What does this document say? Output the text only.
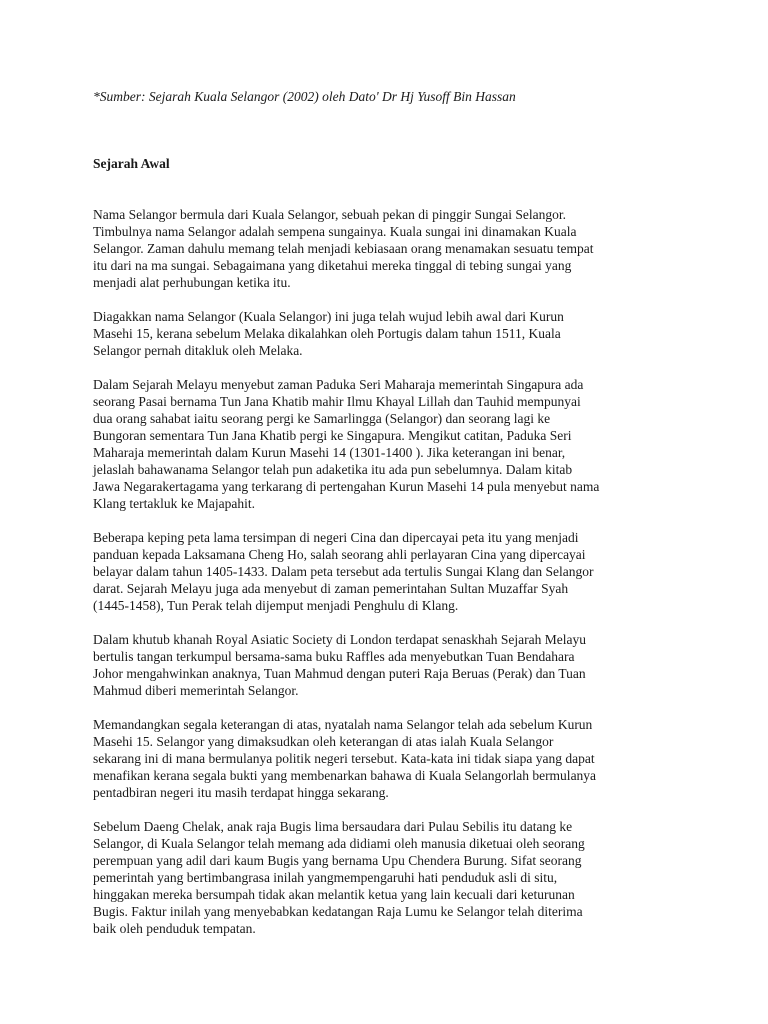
*Sumber: Sejarah Kuala Selangor (2002) oleh Dato' Dr Hj Yusoff Bin Hassan
Sejarah Awal

Nama Selangor bermula dari Kuala Selangor, sebuah pekan di pinggir Sungai Selangor.
Timbulnya nama Selangor adalah sempena sungainya. Kuala sungai ini dinamakan Kuala
Selangor. Zaman dahulu memang telah menjadi kebiasaan orang menamakan sesuatu tempat
itu dari na ma sungai. Sebagaimana yang diketahui mereka tinggal di tebing sungai yang
menjadi alat perhubungan ketika itu.

Diagakkan nama Selangor (Kuala Selangor) ini juga telah wujud lebih awal dari Kurun
Masehi 15, kerana sebelum Melaka dikalahkan oleh Portugis dalam tahun 1511, Kuala
Selangor pernah ditakluk oleh Melaka.

Dalam Sejarah Melayu menyebut zaman Paduka Seri Maharaja memerintah Singapura ada
seorang Pasai bernama Tun Jana Khatib mahir Ilmu Khayal Lillah dan Tauhid mempunyai
dua orang sahabat iaitu seorang pergi ke Samarlingga (Selangor) dan seorang lagi ke
Bungoran sementara Tun Jana Khatib pergi ke Singapura. Mengikut catitan, Paduka Seri
Maharaja memerintah dalam Kurun Masehi 14 (1301-1400 ). Jika keterangan ini benar,
jelaslah bahawanama Selangor telah pun adaketika itu ada pun sebelumnya. Dalam kitab
Jawa Negarakertagama yang terkarang di pertengahan Kurun Masehi 14 pula menyebut nama
Klang tertakluk ke Majapahit.

Beberapa keping peta lama tersimpan di negeri Cina dan dipercayai peta itu yang menjadi
panduan kepada Laksamana Cheng Ho, salah seorang ahli perlayaran Cina yang dipercayai
belayar dalam tahun 1405-1433. Dalam peta tersebut ada tertulis Sungai Klang dan Selangor
darat. Sejarah Melayu juga ada menyebut di zaman pemerintahan Sultan Muzaffar Syah
(1445-1458), Tun Perak telah dijemput menjadi Penghulu di Klang.

Dalam khutub khanah Royal Asiatic Society di London terdapat senaskhah Sejarah Melayu
bertulis tangan terkumpul bersama-sama buku Raffles ada menyebutkan Tuan Bendahara
Johor mengahwinkan anaknya, Tuan Mahmud dengan puteri Raja Beruas (Perak) dan Tuan
Mahmud diberi memerintah Selangor.

Memandangkan segala keterangan di atas, nyatalah nama Selangor telah ada sebelum Kurun
Masehi 15. Selangor yang dimaksudkan oleh keterangan di atas ialah Kuala Selangor
sekarang ini di mana bermulanya politik negeri tersebut. Kata-kata ini tidak siapa yang dapat
menafikan kerana segala bukti yang membenarkan bahawa di Kuala Selangorlah bermulanya
pentadbiran negeri itu masih terdapat hingga sekarang.

Sebelum Daeng Chelak, anak raja Bugis lima bersaudara dari Pulau Sebilis itu datang ke
Selangor, di Kuala Selangor telah memang ada didiami oleh manusia diketuai oleh seorang
perempuan yang adil dari kaum Bugis yang bernama Upu Chendera Burung. Sifat seorang
pemerintah yang bertimbangrasa inilah yangmempengaruhi hati penduduk asli di situ,
hinggakan mereka bersumpah tidak akan melantik ketua yang lain kecuali dari keturunan
Bugis. Faktur inilah yang menyebabkan kedatangan Raja Lumu ke Selangor telah diterima
baik oleh penduduk tempatan.
